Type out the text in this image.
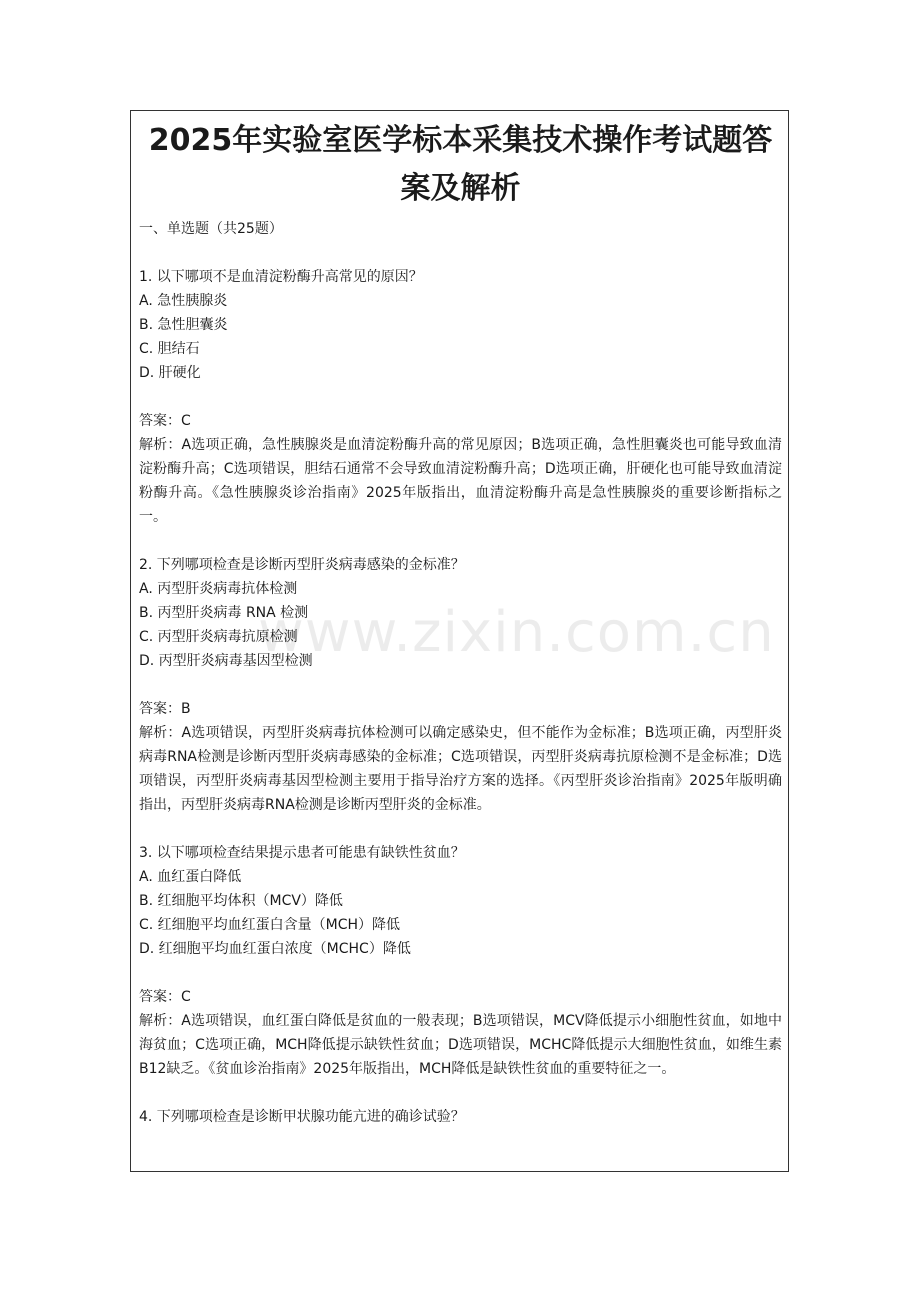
2025年实验室医学标本采集技术操作考试题答案及解析
一、单选题（共25题）
1. 以下哪项不是血清淀粉酶升高常见的原因？
A. 急性胰腺炎
B. 急性胆囊炎
C. 胆结石
D. 肝硬化
答案：C
解析：A选项正确，急性胰腺炎是血清淀粉酶升高的常见原因；B选项正确，急性胆囊炎也可能导致血清淀粉酶升高；C选项错误，胆结石通常不会导致血清淀粉酶升高；D选项正确，肝硬化也可能导致血清淀粉酶升高。《急性胰腺炎诊治指南》2025年版指出，血清淀粉酶升高是急性胰腺炎的重要诊断指标之一。
2. 下列哪项检查是诊断丙型肝炎病毒感染的金标准？
A. 丙型肝炎病毒抗体检测
B. 丙型肝炎病毒 RNA 检测
C. 丙型肝炎病毒抗原检测
D. 丙型肝炎病毒基因型检测
答案：B
解析：A选项错误，丙型肝炎病毒抗体检测可以确定感染史，但不能作为金标准；B选项正确，丙型肝炎病毒RNA检测是诊断丙型肝炎病毒感染的金标准；C选项错误，丙型肝炎病毒抗原检测不是金标准；D选项错误，丙型肝炎病毒基因型检测主要用于指导治疗方案的选择。《丙型肝炎诊治指南》2025年版明确指出，丙型肝炎病毒RNA检测是诊断丙型肝炎的金标准。
3. 以下哪项检查结果提示患者可能患有缺铁性贫血？
A. 血红蛋白降低
B. 红细胞平均体积（MCV）降低
C. 红细胞平均血红蛋白含量（MCH）降低
D. 红细胞平均血红蛋白浓度（MCHC）降低
答案：C
解析：A选项错误，血红蛋白降低是贫血的一般表现；B选项错误，MCV降低提示小细胞性贫血，如地中海贫血；C选项正确，MCH降低提示缺铁性贫血；D选项错误，MCHC降低提示大细胞性贫血，如维生素B12缺乏。《贫血诊治指南》2025年版指出，MCH降低是缺铁性贫血的重要特征之一。
4. 下列哪项检查是诊断甲状腺功能亢进的确诊试验？
www.zixin.com.cn
